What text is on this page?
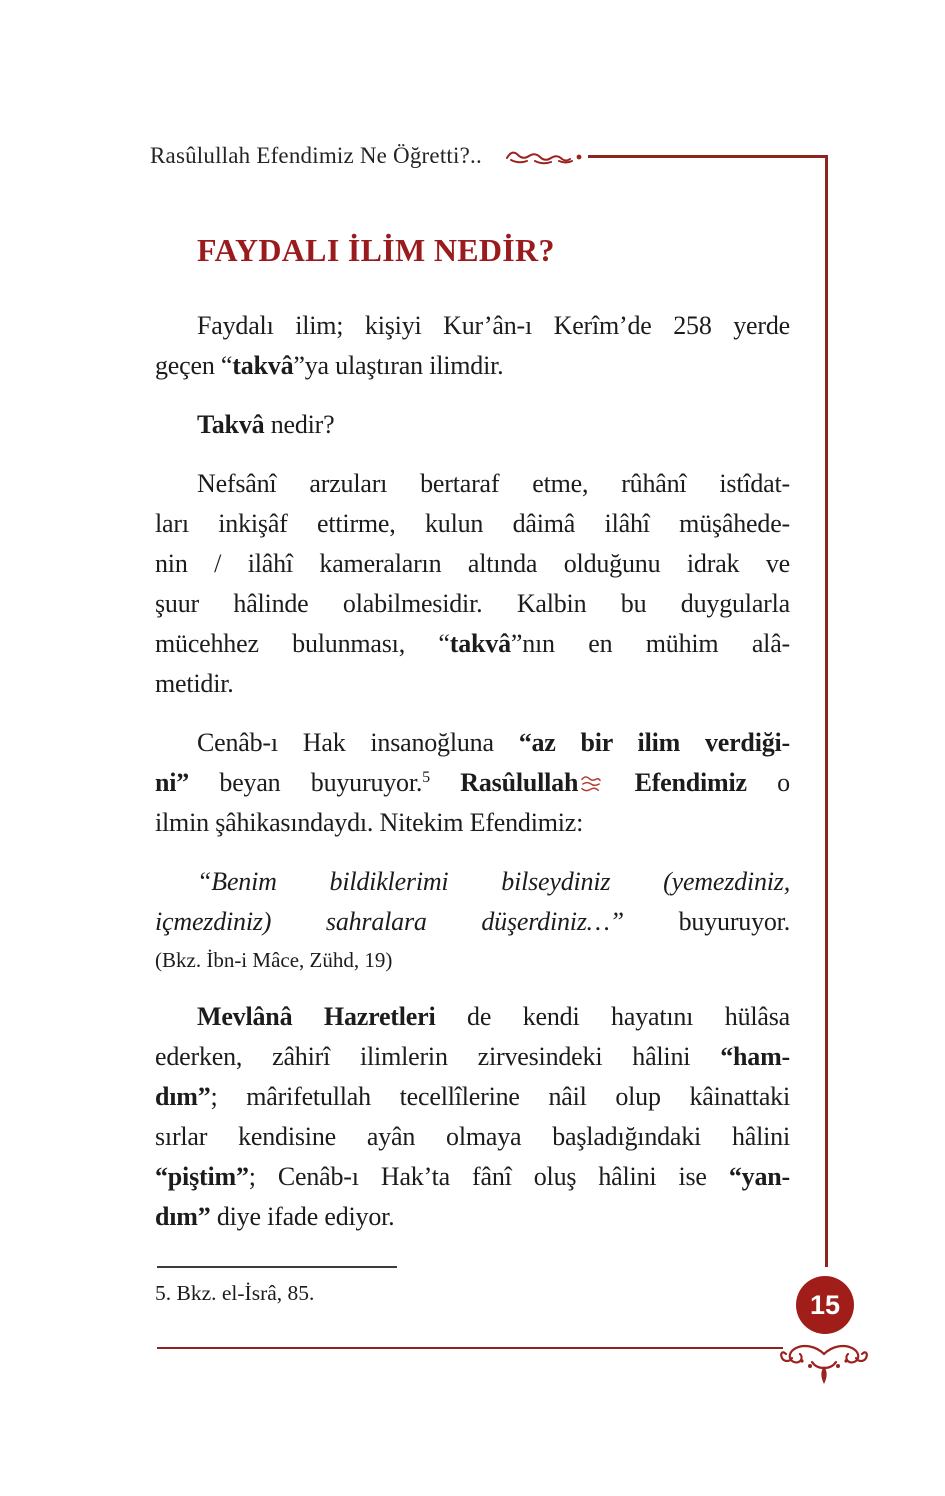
Rasûlullah Efendimiz Ne Öğretti?..
FAYDALI İLİM NEDİR?
Faydalı ilim; kişiyi Kur’ân-ı Kerîm’de 258 yerde
geçen “takvâ”ya ulaştıran ilimdir.
Takvâ nedir?
Nefsânî arzuları bertaraf etme, rûhânî istîdat-
ları inkişâf ettirme, kulun dâimâ ilâhî müşâhede-
nin / ilâhî kameraların altında olduğunu idrak ve
şuur hâlinde olabilmesidir. Kalbin bu duygularla
mücehhez bulunması, “takvâ”nın en mühim alâ-
metidir.
Cenâb-ı Hak insanoğluna “az bir ilim verdiği-
ni” beyan buyuruyor.$^5$ Rasûlullah Efendimiz o
ilmin şâhikasındaydı. Nitekim Efendimiz:
“Benim bildiklerimi bilseydiniz (yemezdiniz,
içmezdiniz) sahralara düşerdiniz…” buyuruyor.
(Bkz. İbn-i Mâce, Zühd, 19)
Mevlânâ Hazretleri de kendi hayatını hülâsa
ederken, zâhirî ilimlerin zirvesindeki hâlini “ham-
dım”; mârifetullah tecellîlerine nâil olup kâinattaki
sırlar kendisine ayân olmaya başladığındaki hâlini
“piştim”; Cenâb-ı Hak’ta fânî oluş hâlini ise “yan-
dım” diye ifade ediyor.
5. Bkz. el-İsrâ, 85.	15
